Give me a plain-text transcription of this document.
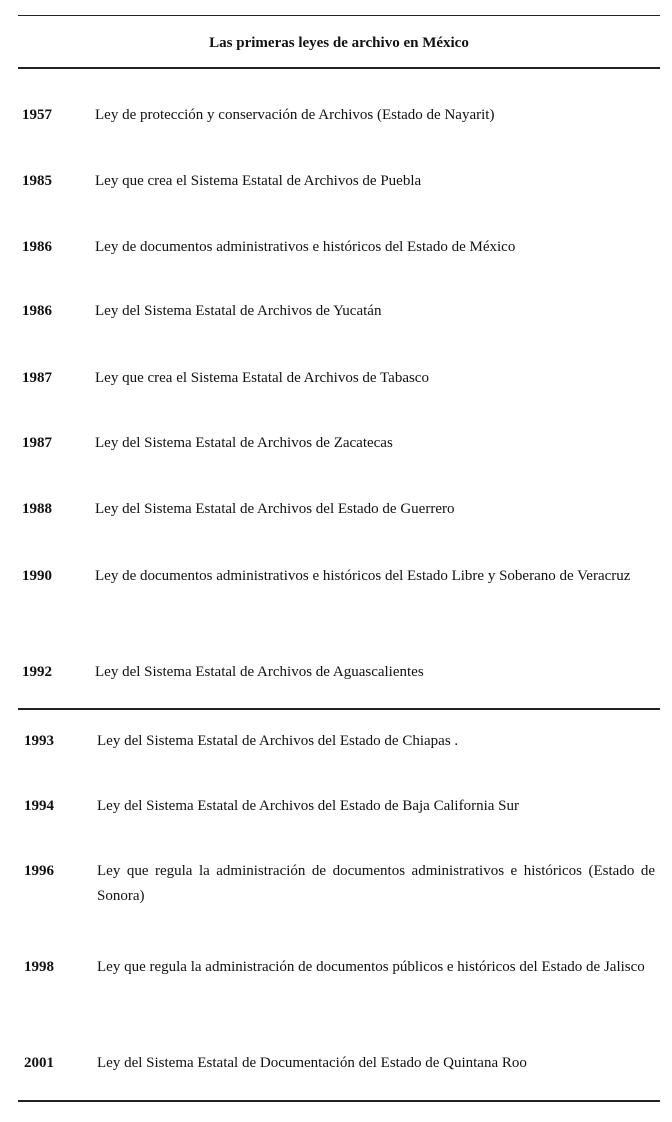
Las primeras leyes de archivo en México
1957	Ley de protección y conservación de Archivos (Estado de Nayarit)
1985	Ley que crea el Sistema Estatal de Archivos de Puebla
1986	Ley de documentos administrativos e históricos del Estado de México
1986	Ley del Sistema Estatal de Archivos de Yucatán
1987	Ley que crea el Sistema Estatal de Archivos de Tabasco
1987	Ley del Sistema Estatal de Archivos de Zacatecas
1988	Ley del Sistema Estatal de Archivos del Estado de Guerrero
1990	Ley de documentos administrativos e históricos del Estado Libre y Soberano de Veracruz
1992	Ley del Sistema Estatal de Archivos de Aguascalientes
1993	Ley del Sistema Estatal de Archivos del Estado de Chiapas .
1994	Ley del Sistema Estatal de Archivos del Estado de Baja California Sur
1996	Ley que regula la administración de documentos administrativos e históricos (Estado de Sonora)
1998	Ley que regula la administración de documentos públicos e históricos del Estado de Jalisco
2001	Ley del Sistema Estatal de Documentación del Estado de Quintana Roo
